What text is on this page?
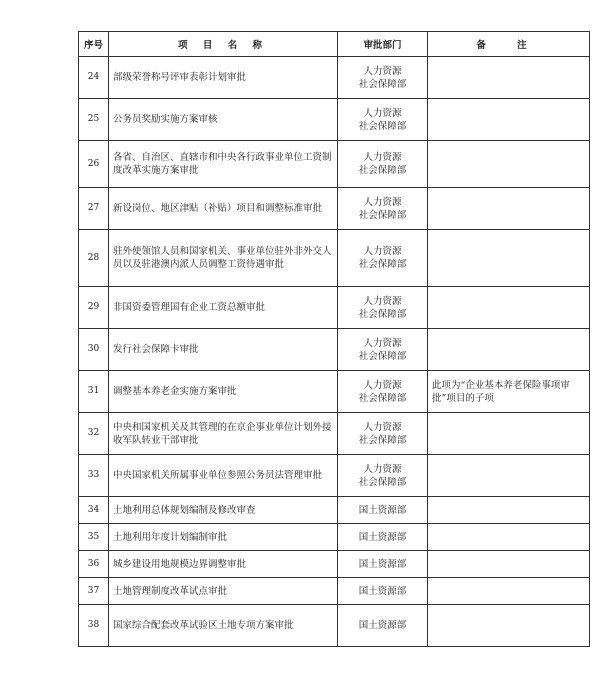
序号	项 目 名 称	审批部门	备 注
24	部级荣誉称号评审表彰计划审批	人力资源
社会保障部	
25	公务员奖励实施方案审核	人力资源
社会保障部	
26	各省、自治区、直辖市和中央各行政事业单位工资制度改革实施方案审批	人力资源
社会保障部	
27	新设岗位、地区津贴（补贴）项目和调整标准审批	人力资源
社会保障部	
28	驻外使领馆人员和国家机关、事业单位驻外非外交人员以及驻港澳内派人员调整工资待遇审批	人力资源
社会保障部	
29	非国资委管理国有企业工资总额审批	人力资源
社会保障部	
30	发行社会保障卡审批	人力资源
社会保障部	
31	调整基本养老金实施方案审批	人力资源
社会保障部	此项为“企业基本养老保险事项审批”项目的子项
32	中央和国家机关及其管理的在京企事业单位计划外接收军队转业干部审批	人力资源
社会保障部	
33	中央国家机关所属事业单位参照公务员法管理审批	人力资源
社会保障部	
34	土地利用总体规划编制及修改审查	国土资源部	
35	土地利用年度计划编制审批	国土资源部	
36	城乡建设用地规模边界调整审批	国土资源部	
37	土地管理制度改革试点审批	国土资源部	
38	国家综合配套改革试验区土地专项方案审批	国土资源部	
